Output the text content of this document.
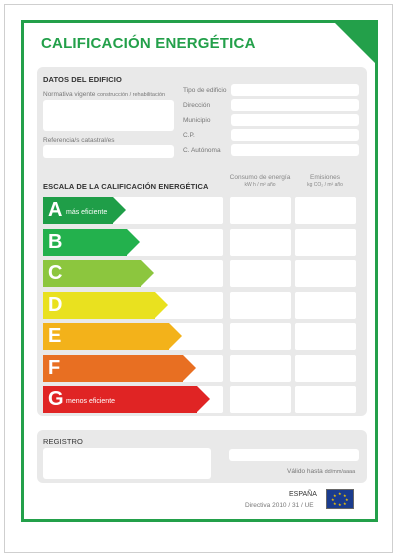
CALIFICACIÓN ENERGÉTICA
DATOS DEL EDIFICIO
Normativa vigente construcción / rehabilitación
Referencia/s catastral/es
Tipo de edificio
Dirección
Municipio
C.P.
C. Autónoma
ESCALA DE LA CALIFICACIÓN ENERGÉTICA
Consumo de energía
kW h / m² año
Emisiones
kg CO₂ / m² año
A más eficiente
B
C
D
E
F
G menos eficiente
REGISTRO
Válido hasta dd/mm/aaaa
ESPAÑA
Directiva 2010 / 31 / UE
★ ★
★
★
★
★
★
★
